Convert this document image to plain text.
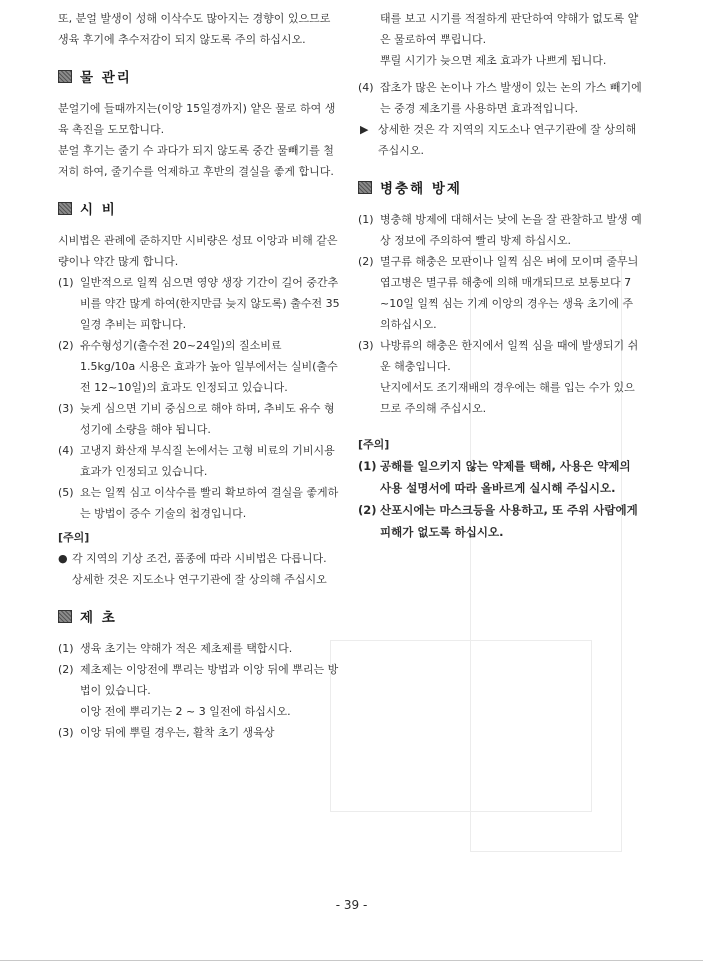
또, 분얼 발생이 성해 이삭수도 많아지는 경향이 있으므로 생육 후기에 추수저감이 되지 않도록 주의 하십시오.

물 관리

분얼기에 들때까지는(이앙 15일경까지) 얕은 물로 하여 생육 촉진을 도모합니다.

분얼 후기는 줄기 수 과다가 되지 않도록 중간 물빼기를 철저히 하여, 줄기수를 억제하고 후반의 결실을 좋게 합니다.

시 비

시비법은 관례에 준하지만 시비량은 성묘 이앙과 비해 같은량이나 약간 많게 합니다.

(1) 일반적으로 일찍 심으면 영양 생장 기간이 길어 중간추비를 약간 많게 하여(한지만큼 늦지 않도록) 출수전 35일경 추비는 피합니다.
(2) 유수형성기(출수전 20~24일)의 질소비료 1.5kg/10a 시용은 효과가 높아 일부에서는 실비(출수전 12~10일)의 효과도 인정되고 있습니다.
(3) 늦게 심으면 기비 중심으로 해야 하며, 추비도 유수 형성기에 소량을 해야 됩니다.
(4) 고냉지 화산재 부식질 논에서는 고형 비료의 기비시용 효과가 인정되고 있습니다.
(5) 요는 일찍 심고 이삭수를 빨리 확보하여 결실을 좋게하는 방법이 증수 기술의 첩경입니다.
[주의]
● 각 지역의 기상 조건, 품종에 따라 시비법은 다릅니다. 상세한 것은 지도소나 연구기관에 잘 상의해 주십시오
제 초
(1) 생육 초기는 약해가 적은 제초제를 택합시다.
(2) 제초제는 이앙전에 뿌리는 방법과 이앙 뒤에 뿌리는 방법이 있습니다.
이앙 전에 뿌리기는 2 ~ 3 일전에 하십시오.
(3) 이앙 뒤에 뿌릴 경우는, 활착 초기 생육상

태를 보고 시기를 적절하게 판단하여 약해가 없도록 얕은 물로하여 뿌립니다.

뿌릴 시기가 늦으면 제초 효과가 나쁘게 됩니다.

(4) 잡초가 많은 논이나 가스 발생이 있는 논의 가스 빼기에는 중경 제초기를 사용하면 효과적입니다.
▶ 상세한 것은 각 지역의 지도소나 연구기관에 잘 상의해 주십시오.
병충해 방제
(1) 병충해 방제에 대해서는 낮에 논을 잘 관찰하고 발생 예상 정보에 주의하여 빨리 방제 하십시오.
(2) 멸구류 해충은 모판이나 일찍 심은 벼에 모이며 줄무늬 엽고병은 멸구류 해충에 의해 매개되므로 보통보다 7 ~10일 일찍 심는 기계 이앙의 경우는 생육 초기에 주의하십시오.
(3) 나방류의 해충은 한지에서 일찍 심을 때에 발생되기 쉬운 해충입니다.
난지에서도 조기재배의 경우에는 해를 입는 수가 있으므로 주의해 주십시오.
[주의]
(1) 공해를 일으키지 않는 약제를 택해, 사용은 약제의 사용 설명서에 따라 올바르게 실시해 주십시오.
(2) 산포시에는 마스크등을 사용하고, 또 주위 사람에게 피해가 없도록 하십시오.
- 39 -
